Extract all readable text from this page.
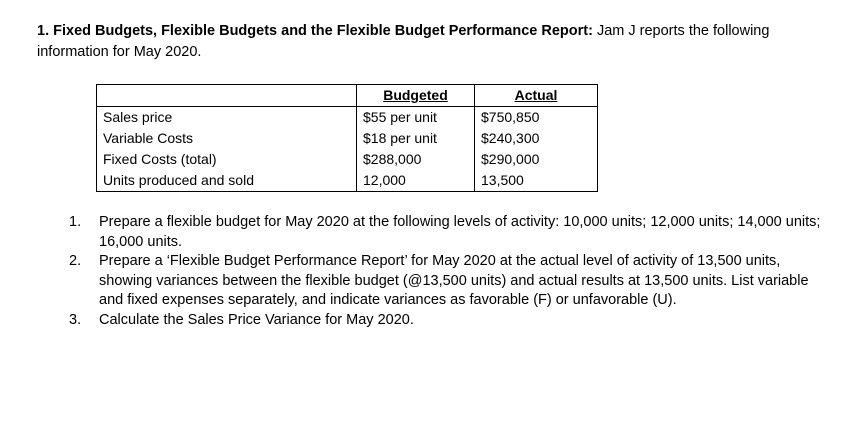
1. Fixed Budgets, Flexible Budgets and the Flexible Budget Performance Report: Jam J reports the following information for May 2020.
	Budgeted	Actual
Sales price	$55 per unit	$750,850
Variable Costs	$18 per unit	$240,300
Fixed Costs (total)	$288,000	$290,000
Units produced and sold	12,000	13,500
1. Prepare a flexible budget for May 2020 at the following levels of activity: 10,000 units; 12,000 units; 14,000 units; 16,000 units.
2. Prepare a ‘Flexible Budget Performance Report’ for May 2020 at the actual level of activity of 13,500 units, showing variances between the flexible budget (@13,500 units) and actual results at 13,500 units. List variable and fixed expenses separately, and indicate variances as favorable (F) or unfavorable (U).
3. Calculate the Sales Price Variance for May 2020.
